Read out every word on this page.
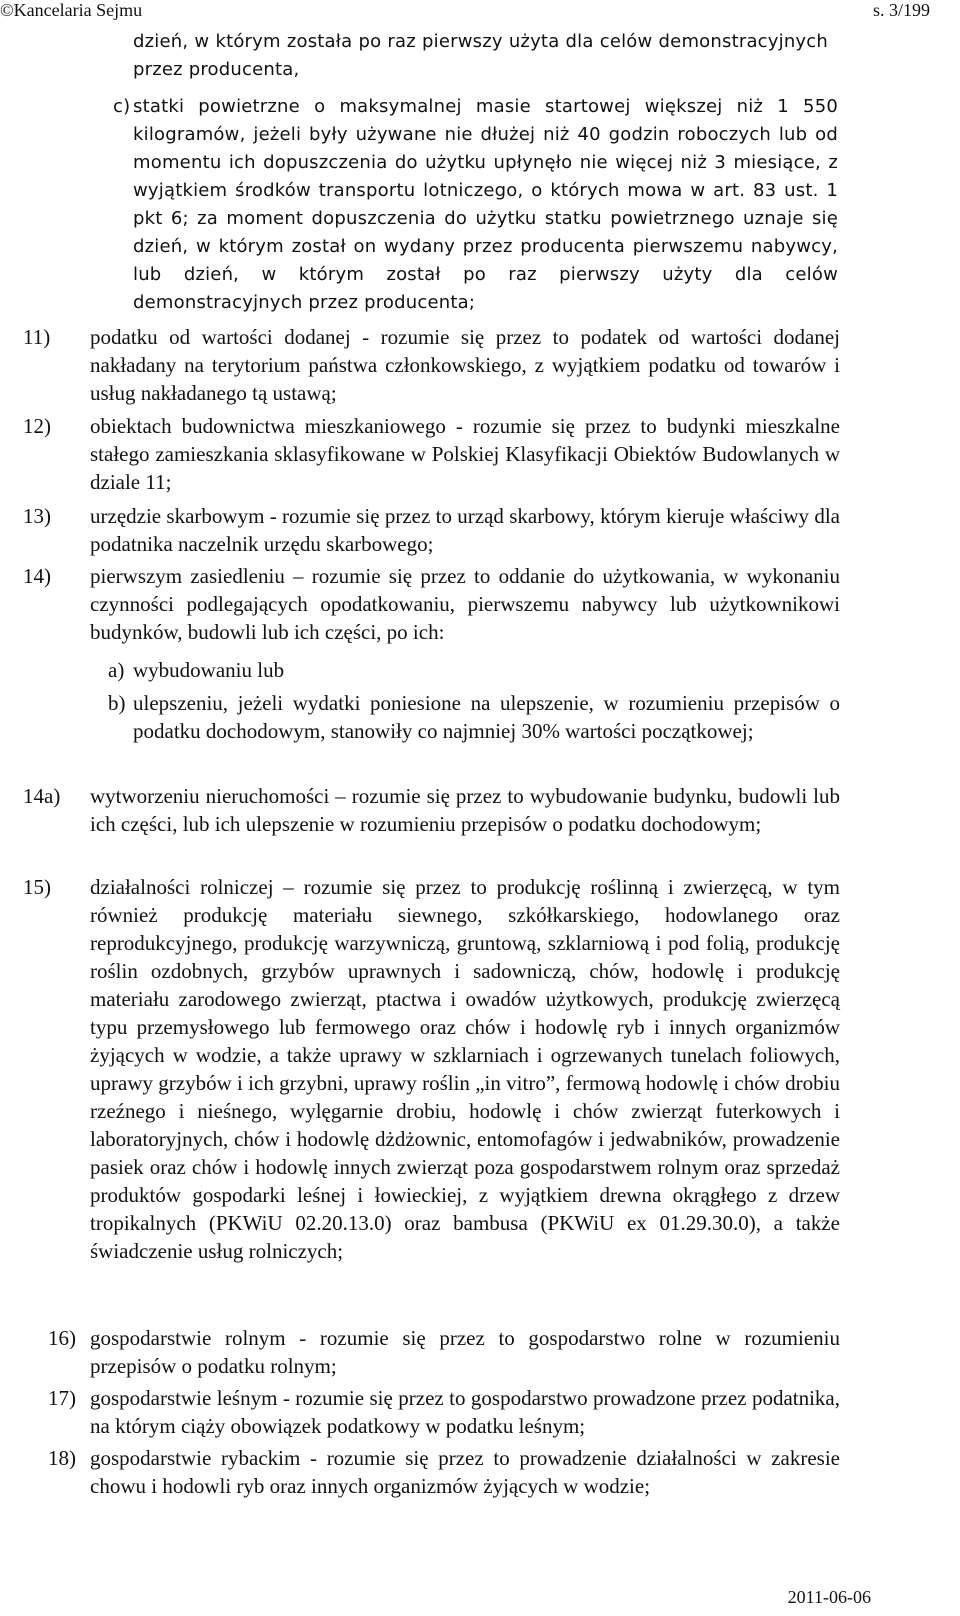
©Kancelaria Sejmu	s. 3/199
dzień, w którym została po raz pierwszy użyta dla celów demonstracyjnych przez producenta,
c) statki powietrzne o maksymalnej masie startowej większej niż 1 550 kilogramów, jeżeli były używane nie dłużej niż 40 godzin roboczych lub od momentu ich dopuszczenia do użytku upłynęło nie więcej niż 3 miesiące, z wyjątkiem środków transportu lotniczego, o których mowa w art. 83 ust. 1 pkt 6; za moment dopuszczenia do użytku statku powietrznego uznaje się dzień, w którym został on wydany przez producenta pierwszemu nabywcy, lub dzień, w którym został po raz pierwszy użyty dla celów demonstracyjnych przez producenta;
11) podatku od wartości dodanej - rozumie się przez to podatek od wartości dodanej nakładany na terytorium państwa członkowskiego, z wyjątkiem podatku od towarów i usług nakładanego tą ustawą;
12) obiektach budownictwa mieszkaniowego - rozumie się przez to budynki mieszkalne stałego zamieszkania sklasyfikowane w Polskiej Klasyfikacji Obiektów Budowlanych w dziale 11;
13) urzędzie skarbowym - rozumie się przez to urząd skarbowy, którym kieruje właściwy dla podatnika naczelnik urzędu skarbowego;
14) pierwszym zasiedleniu – rozumie się przez to oddanie do użytkowania, w wykonaniu czynności podlegających opodatkowaniu, pierwszemu nabywcy lub użytkownikowi budynków, budowli lub ich części, po ich:
a) wybudowaniu lub
b) ulepszeniu, jeżeli wydatki poniesione na ulepszenie, w rozumieniu przepisów o podatku dochodowym, stanowiły co najmniej 30% wartości początkowej;
14a) wytworzeniu nieruchomości – rozumie się przez to wybudowanie budynku, budowli lub ich części, lub ich ulepszenie w rozumieniu przepisów o podatku dochodowym;
15) działalności rolniczej – rozumie się przez to produkcję roślinną i zwierzęcą, w tym również produkcję materiału siewnego, szkółkarskiego, hodowlanego oraz reprodukcyjnego, produkcję warzywniczą, gruntową, szklarniową i pod folią, produkcję roślin ozdobnych, grzybów uprawnych i sadowniczą, chów, hodowlę i produkcję materiału zarodowego zwierząt, ptactwa i owadów użytkowych, produkcję zwierzęcą typu przemysłowego lub fermowego oraz chów i hodowlę ryb i innych organizmów żyjących w wodzie, a także uprawy w szklarniach i ogrzewanych tunelach foliowych, uprawy grzybów i ich grzybni, uprawy roślin „in vitro”, fermową hodowlę i chów drobiu rzeźnego i nieśnego, wylęgarnie drobiu, hodowlę i chów zwierząt futerkowych i laboratoryjnych, chów i hodowlę dżdżownic, entomofagów i jedwabników, prowadzenie pasiek oraz chów i hodowlę innych zwierząt poza gospodarstwem rolnym oraz sprzedaż produktów gospodarki leśnej i łowieckiej, z wyjątkiem drewna okrągłego z drzew tropikalnych (PKWiU 02.20.13.0) oraz bambusa (PKWiU ex 01.29.30.0), a także świadczenie usług rolniczych;
16) gospodarstwie rolnym - rozumie się przez to gospodarstwo rolne w rozumieniu przepisów o podatku rolnym;
17) gospodarstwie leśnym - rozumie się przez to gospodarstwo prowadzone przez podatnika, na którym ciąży obowiązek podatkowy w podatku leśnym;
18) gospodarstwie rybackim - rozumie się przez to prowadzenie działalności w zakresie chowu i hodowli ryb oraz innych organizmów żyjących w wodzie;
2011-06-06
